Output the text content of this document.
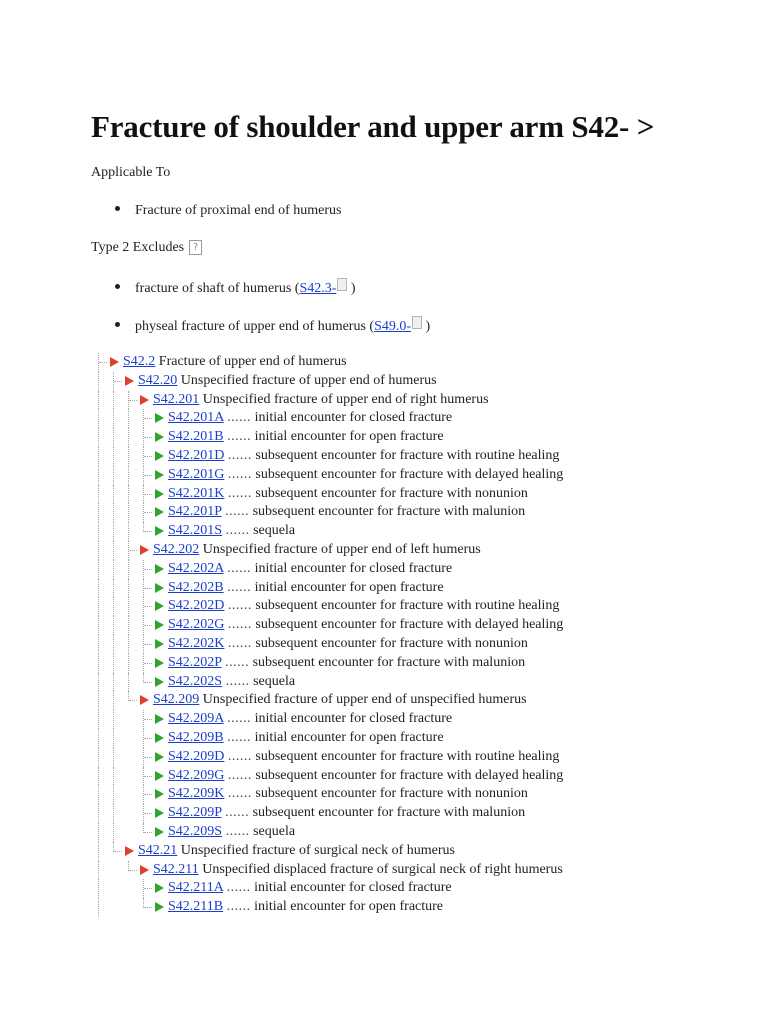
Fracture of shoulder and upper arm S42- >
Applicable To
Fracture of proximal end of humerus
Type 2 Excludes ?
fracture of shaft of humerus (S42.3- )
physeal fracture of upper end of humerus (S49.0- )
S42.2 Fracture of upper end of humerus
S42.20 Unspecified fracture of upper end of humerus
S42.201 Unspecified fracture of upper end of right humerus
S42.201A ...... initial encounter for closed fracture
S42.201B ...... initial encounter for open fracture
S42.201D ...... subsequent encounter for fracture with routine healing
S42.201G ...... subsequent encounter for fracture with delayed healing
S42.201K ...... subsequent encounter for fracture with nonunion
S42.201P ...... subsequent encounter for fracture with malunion
S42.201S ...... sequela
S42.202 Unspecified fracture of upper end of left humerus
S42.202A ...... initial encounter for closed fracture
S42.202B ...... initial encounter for open fracture
S42.202D ...... subsequent encounter for fracture with routine healing
S42.202G ...... subsequent encounter for fracture with delayed healing
S42.202K ...... subsequent encounter for fracture with nonunion
S42.202P ...... subsequent encounter for fracture with malunion
S42.202S ...... sequela
S42.209 Unspecified fracture of upper end of unspecified humerus
S42.209A ...... initial encounter for closed fracture
S42.209B ...... initial encounter for open fracture
S42.209D ...... subsequent encounter for fracture with routine healing
S42.209G ...... subsequent encounter for fracture with delayed healing
S42.209K ...... subsequent encounter for fracture with nonunion
S42.209P ...... subsequent encounter for fracture with malunion
S42.209S ...... sequela
S42.21 Unspecified fracture of surgical neck of humerus
S42.211 Unspecified displaced fracture of surgical neck of right humerus
S42.211A ...... initial encounter for closed fracture
S42.211B ...... initial encounter for open fracture
